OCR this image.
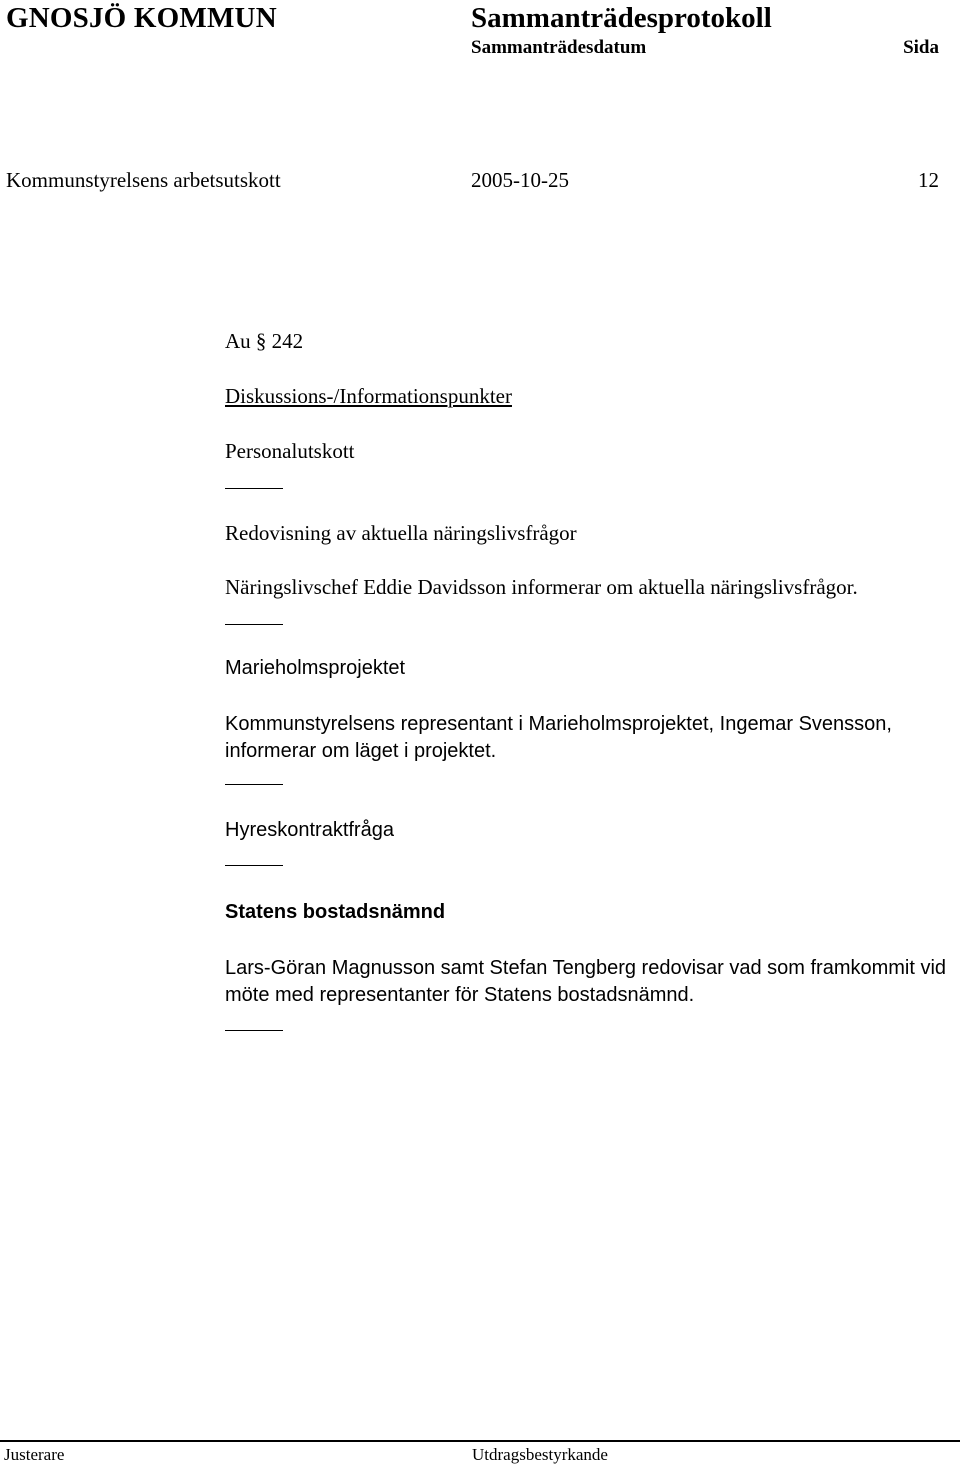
GNOSJÖ KOMMUN	Sammanträdesprotokoll
Sammanträdesdatum	Sida
Kommunstyrelsens arbetsutskott	2005-10-25	12
Au § 242
Diskussions-/Informationspunkter
Personalutskott
Redovisning av aktuella näringslivsfrågor
Näringslivschef Eddie Davidsson informerar om aktuella näringslivsfrågor.
Marieholmsprojektet
Kommunstyrelsens representant i Marieholmsprojektet, Ingemar Svensson, informerar om läget i projektet.
Hyreskontraktfråga
Statens bostadsnämnd
Lars-Göran Magnusson samt Stefan Tengberg redovisar vad som framkommit vid möte med representanter för Statens bostadsnämnd.
Justerare	Utdragsbestyrkande
